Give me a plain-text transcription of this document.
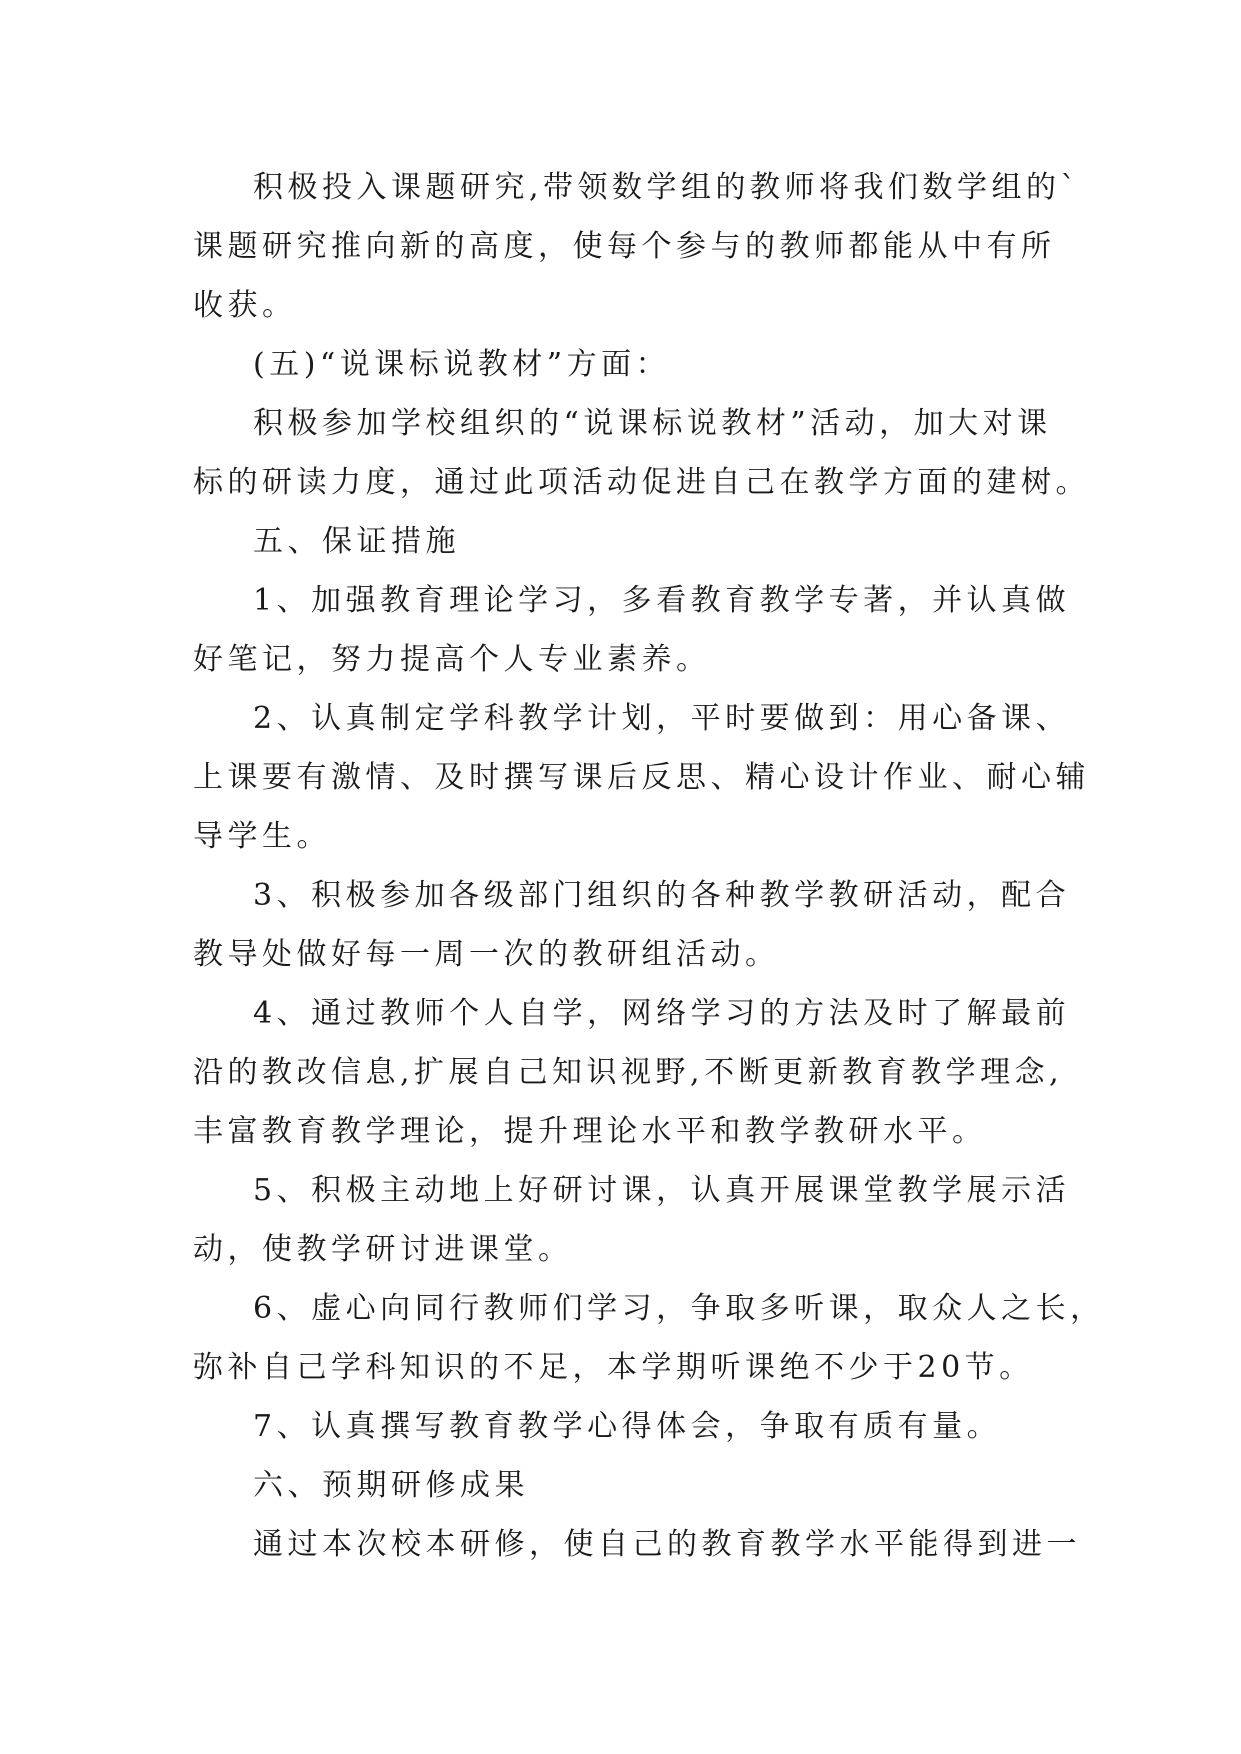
积极投入课题研究,带领数学组的教师将我们数学组的`
课题研究推向新的高度，使每个参与的教师都能从中有所
收获。
(五)“说课标说教材”方面：
积极参加学校组织的“说课标说教材”活动，加大对课
标的研读力度，通过此项活动促进自己在教学方面的建树。
五、保证措施
1、加强教育理论学习，多看教育教学专著，并认真做
好笔记，努力提高个人专业素养。
2、认真制定学科教学计划，平时要做到：用心备课、
上课要有激情、及时撰写课后反思、精心设计作业、耐心辅
导学生。
3、积极参加各级部门组织的各种教学教研活动，配合
教导处做好每一周一次的教研组活动。
4、通过教师个人自学，网络学习的方法及时了解最前
沿的教改信息,扩展自己知识视野,不断更新教育教学理念,
丰富教育教学理论，提升理论水平和教学教研水平。
5、积极主动地上好研讨课，认真开展课堂教学展示活
动，使教学研讨进课堂。
6、虚心向同行教师们学习，争取多听课，取众人之长，
弥补自己学科知识的不足，本学期听课绝不少于20节。
7、认真撰写教育教学心得体会，争取有质有量。
六、预期研修成果
通过本次校本研修，使自己的教育教学水平能得到进一
